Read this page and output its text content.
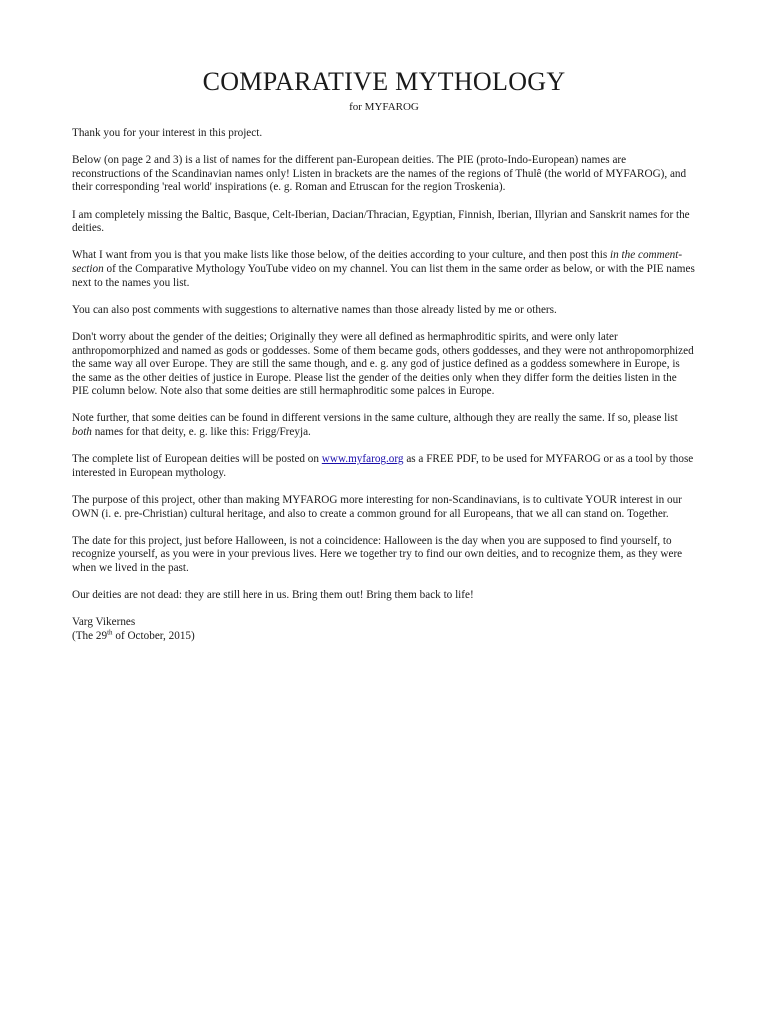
COMPARATIVE MYTHOLOGY
for MYFAROG

Thank you for your interest in this project.

Below (on page 2 and 3) is a list of names for the different pan-European deities. The PIE (proto-Indo-European) names are reconstructions of the Scandinavian names only! Listen in brackets are the names of the regions of Thulê (the world of MYFAROG), and their corresponding 'real world' inspirations (e. g. Roman and Etruscan for the region Troskenia).

I am completely missing the Baltic, Basque, Celt-Iberian, Dacian/Thracian, Egyptian, Finnish, Iberian, Illyrian and Sanskrit names for the deities.

What I want from you is that you make lists like those below, of the deities according to your culture, and then post this in the comment-section of the Comparative Mythology YouTube video on my channel. You can list them in the same order as below, or with the PIE names next to the names you list.

You can also post comments with suggestions to alternative names than those already listed by me or others.

Don't worry about the gender of the deities; Originally they were all defined as hermaphroditic spirits, and were only later anthropomorphized and named as gods or goddesses. Some of them became gods, others goddesses, and they were not anthropomorphized the same way all over Europe. They are still the same though, and e. g. any god of justice defined as a goddess somewhere in Europe, is the same as the other deities of justice in Europe. Please list the gender of the deities only when they differ form the deities listen in the PIE column below. Note also that some deities are still hermaphroditic some palces in Europe.

Note further, that some deities can be found in different versions in the same culture, although they are really the same. If so, please list both names for that deity, e. g. like this: Frigg/Freyja.

The complete list of European deities will be posted on www.myfarog.org as a FREE PDF, to be used for MYFAROG or as a tool by those interested in European mythology.

The purpose of this project, other than making MYFAROG more interesting for non-Scandinavians, is to cultivate YOUR interest in our OWN (i. e. pre-Christian) cultural heritage, and also to create a common ground for all Europeans, that we all can stand on. Together.

The date for this project, just before Halloween, is not a coincidence: Halloween is the day when you are supposed to find yourself, to recognize yourself, as you were in your previous lives. Here we together try to find our own deities, and to recognize them, as they were when we lived in the past.

Our deities are not dead: they are still here in us. Bring them out! Bring them back to life!

Varg Vikernes

(The 29th of October, 2015)
